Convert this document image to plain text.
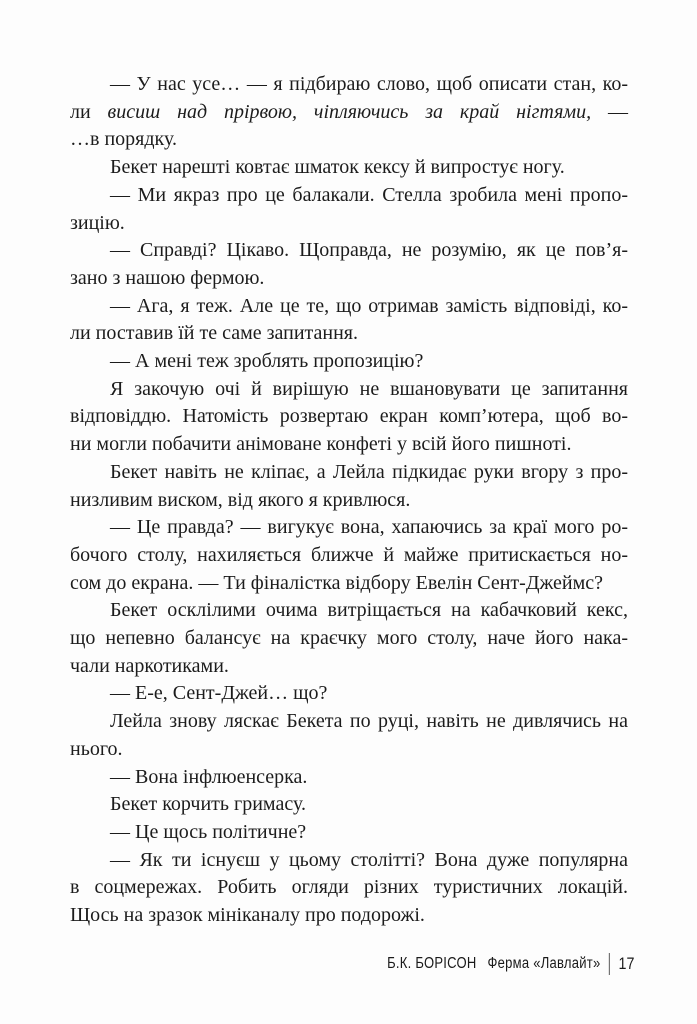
— У нас усе… — я підбираю слово, щоб описати стан, ко-
ли висиш над прірвою, чіпляючись за край нігтями, —
…в порядку.
Бекет нарешті ковтає шматок кексу й випростує ногу.
— Ми якраз про це балакали. Стелла зробила мені пропо-
зицію.
— Справді? Цікаво. Щоправда, не розумію, як це пов’я-
зано з нашою фермою.
— Ага, я теж. Але це те, що отримав замість відповіді, ко-
ли поставив їй те саме запитання.
— А мені теж зроблять пропозицію?
Я закочую очі й вирішую не вшановувати це запитання
відповіддю. Натомість розвертаю екран комп’ютера, щоб во-
ни могли побачити анімоване конфеті у всій його пишноті.
Бекет навіть не кліпає, а Лейла підкидає руки вгору з про-
низливим виском, від якого я кривлюся.
— Це правда? — вигукує вона, хапаючись за краї мого ро-
бочого столу, нахиляється ближче й майже притискається но-
сом до екрана. — Ти фіналістка відбору Евелін Сент-Джеймс?
Бекет осклілими очима витріщається на кабачковий кекс,
що непевно балансує на краєчку мого столу, наче його нака-
чали наркотиками.
— Е-е, Сент-Джей… що?
Лейла знову ляскає Бекета по руці, навіть не дивлячись на
нього.
— Вона інфлюенсерка.
Бекет корчить гримасу.
— Це щось політичне?
— Як ти існуєш у цьому столітті? Вона дуже популярна
в соцмережах. Робить огляди різних туристичних локацій.
Щось на зразок мініканалу про подорожі.
Б.К. БОРІСОН Ферма «Лавлайт» 17
